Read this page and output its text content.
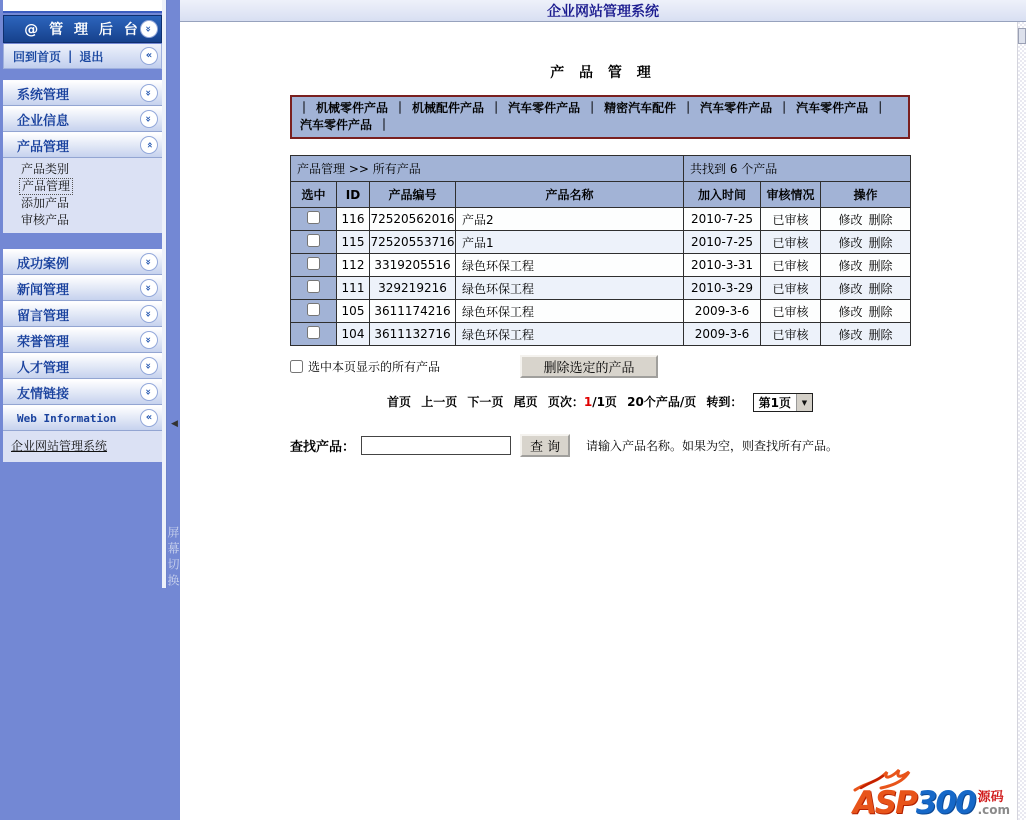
@ 管 理 后 台 «
回到首页 | 退出	«
系统管理	«
企业信息	«
产品管理	«
产品类别
产品管理
添加产品
审核产品
成功案例	«
新闻管理	«
留言管理	«
荣誉管理	«
人才管理	«
友情链接	«
Web Information	«
企业网站管理系统
◀
屏幕切换
企业网站管理系统
产 品 管 理
｜ 机械零件产品 ｜ 机械配件产品 ｜ 汽车零件产品 ｜ 精密汽车配件 ｜ 汽车零件产品 ｜ 汽车零件产品 ｜汽车零件产品 ｜
产品管理 >> 所有产品				共找到 6 个产品		
选中	ID	产品编号	产品名称	加入时间	审核情况	操作
	116	72520562016	产品2	2010-7-25	已审核	修改 删除
	115	72520553716	产品1	2010-7-25	已审核	修改 删除
	112	3319205516	绿色环保工程	2010-3-31	已审核	修改 删除
	111	329219216	绿色环保工程	2010-3-29	已审核	修改 删除
	105	3611174216	绿色环保工程	2009-3-6	已审核	修改 删除
	104	3611132716	绿色环保工程	2009-3-6	已审核	修改 删除
选中本页显示的所有产品	删除选定的产品
首页 上一页 下一页 尾页 页次：1/1页 20个产品/页 转到：	第1页	▼
查找产品：	查 询	请输入产品名称。如果为空，则查找所有产品。
ASP 300 源码
.com
